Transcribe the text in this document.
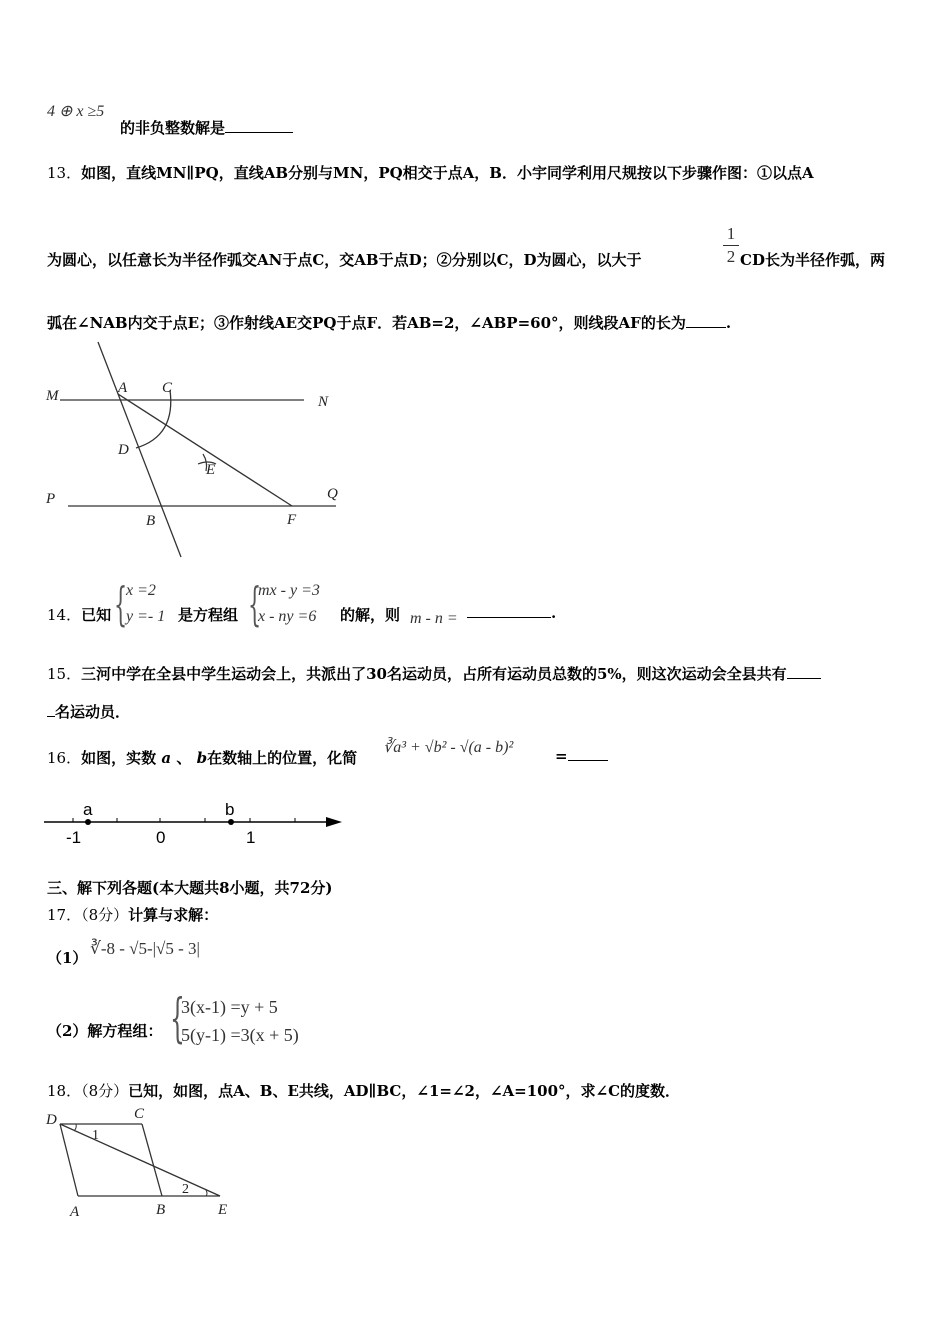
4 ⊕ x ≥5
的非负整数解是
13．如图，直线MN∥PQ，直线AB分别与MN，PQ相交于点A，B．小宇同学利用尺规按以下步骤作图：①以点A
为圆心，以任意长为半径作弧交AN于点C，交AB于点D；②分别以C，D为圆心，以大于
1
2 CD长为半径作弧，两
弧在∠NAB内交于点E；③作射线AE交PQ于点F．若AB=2，∠ABP=60°，则线段AF的长为	.
M	A C
N
D
E
P	Q
B	F
14．已知 {
x =2
y =- 1 是方程组 {
mx - y =3
x - ny =6 的解，则 m - n =	.
15．三河中学在全县中学生运动会上，共派出了30名运动员，占所有运动员总数的5%，则这次运动会全县共有
名运动员．
16．如图，实数 a 、 b在数轴上的位置，化简
∛a³ + √b² - √(a - b)²	=
a	b
-1	0	1
三、解下列各题(本大题共8小题，共72分)
17．（8分）计算与求解：
（1） ∛-8 - √5-|√5 - 3|
（2）解方程组： {
3(x-1) =y + 5
5(y-1) =3(x + 5)
18．（8分）已知，如图，点A、B、E共线，AD∥BC，∠1=∠2，∠A=100°，求∠C的度数．
D	C
A	B	E
1
2
